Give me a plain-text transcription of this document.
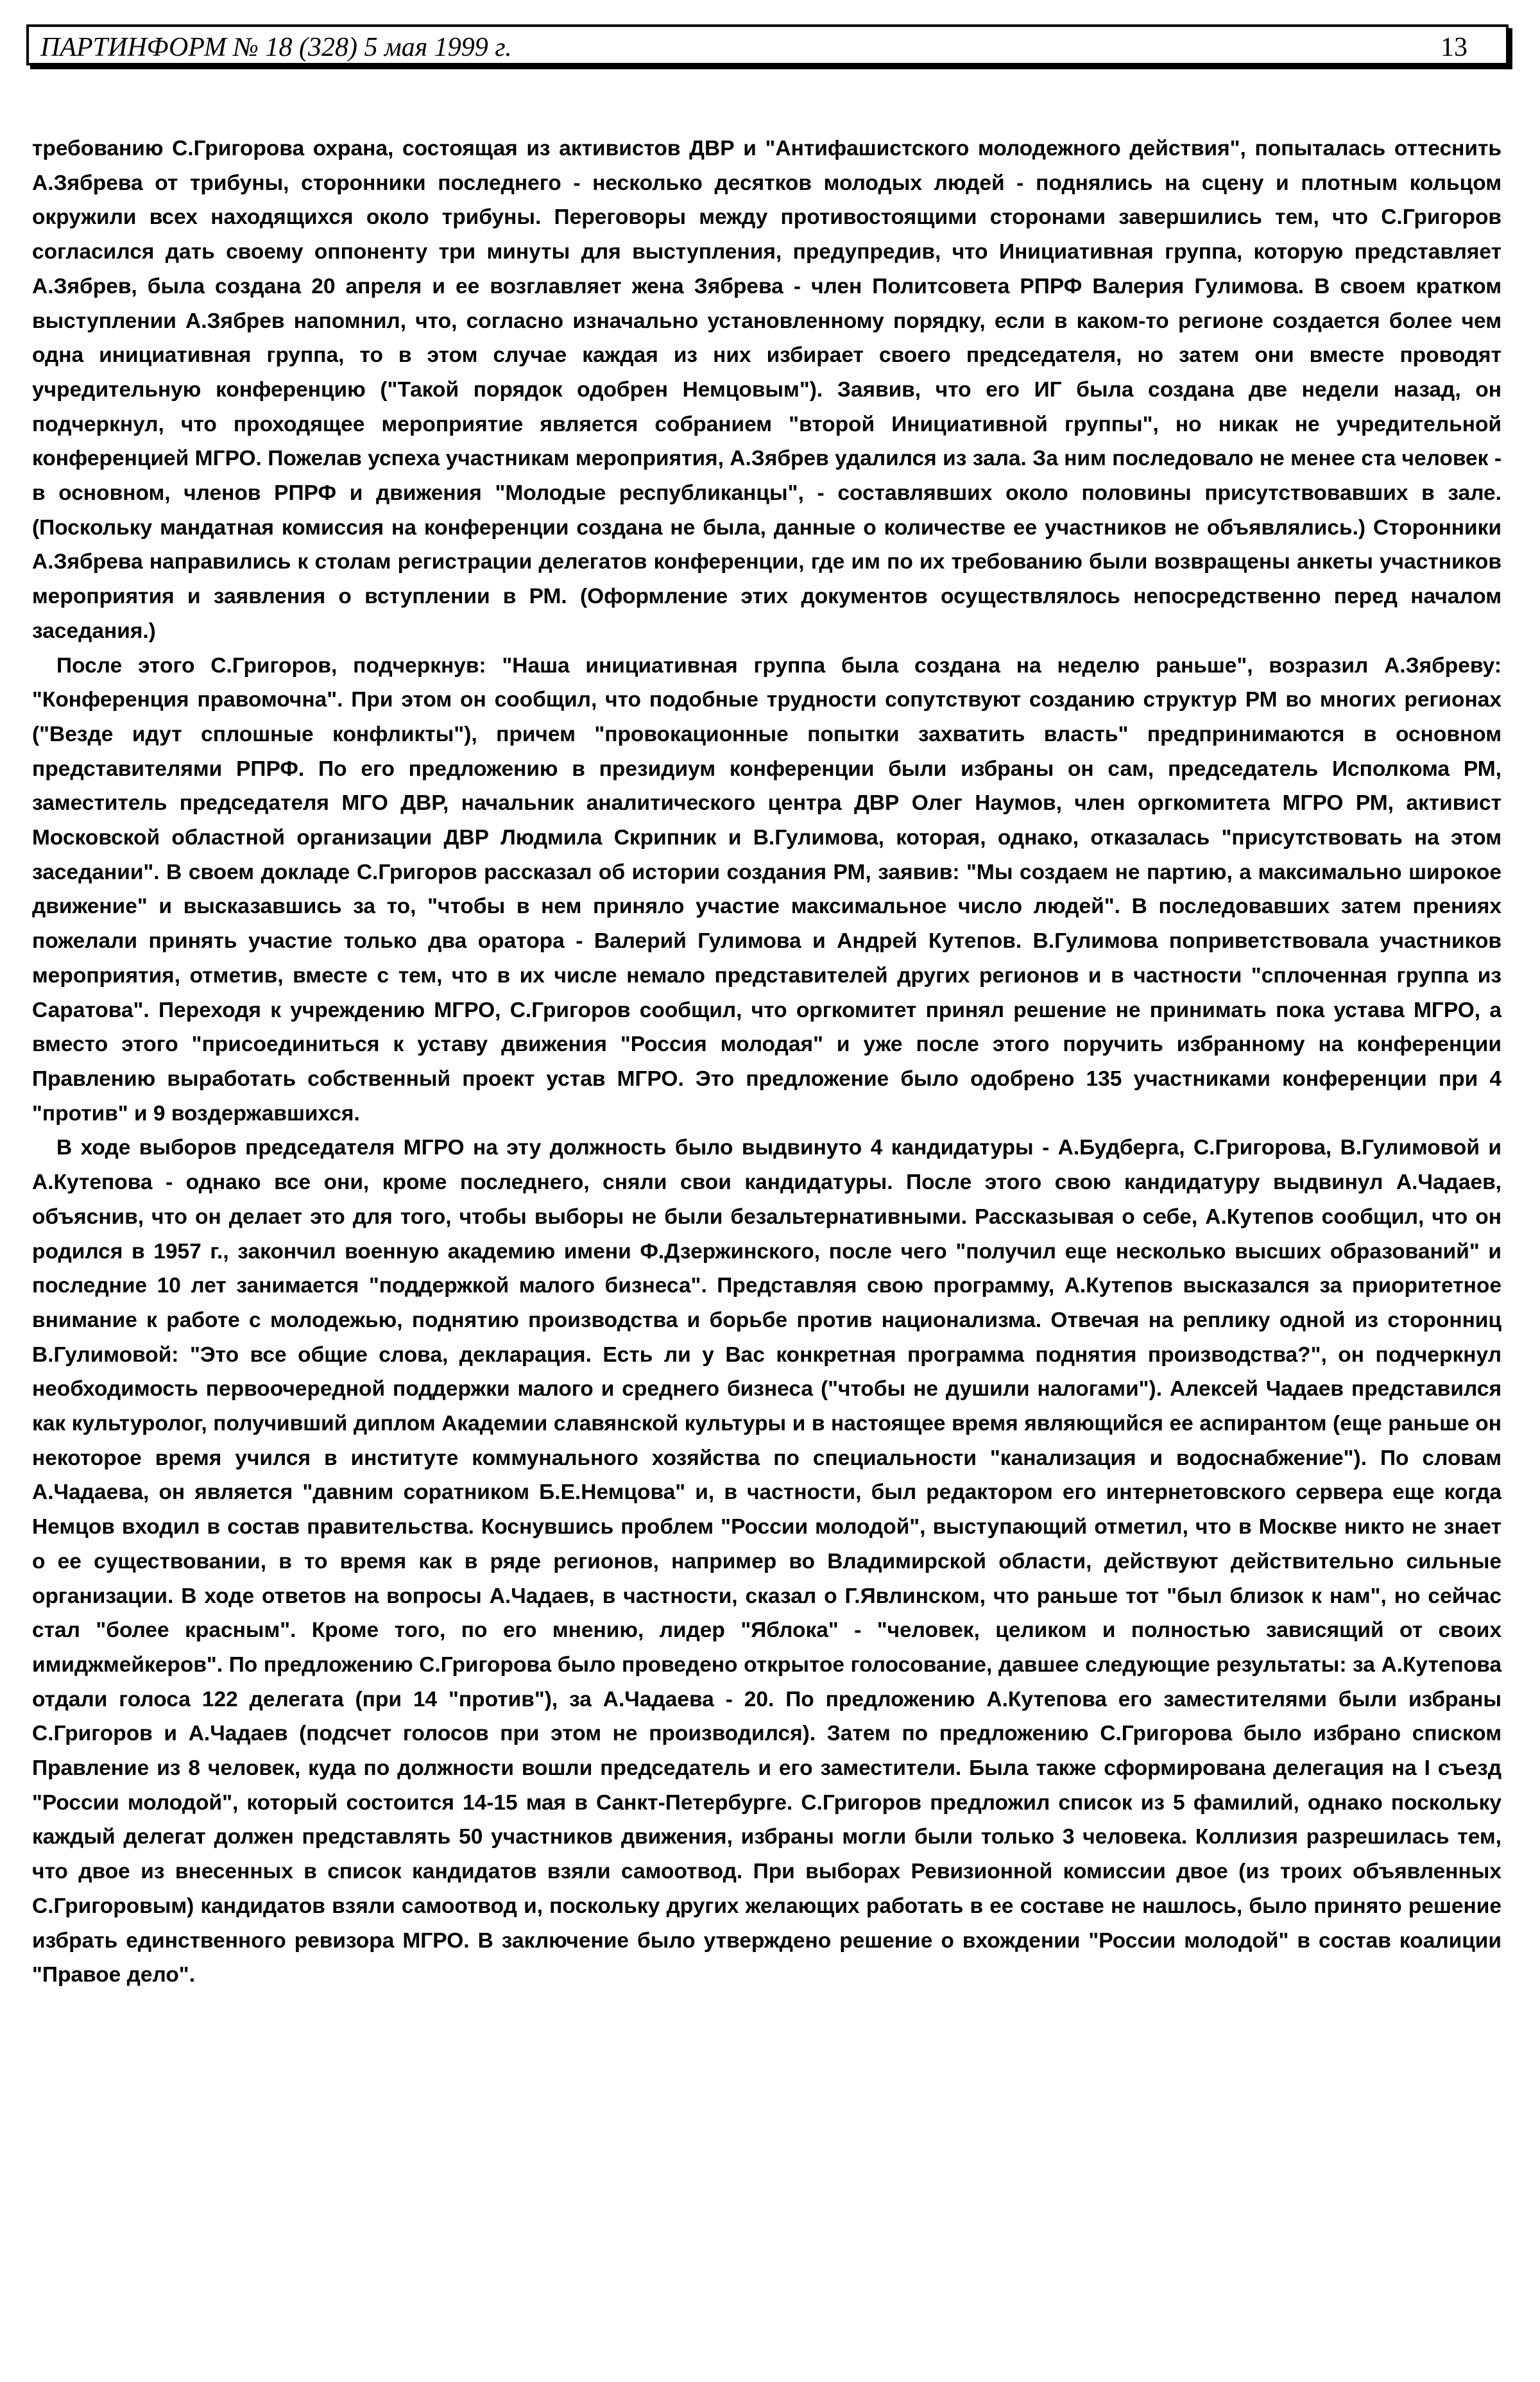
ПАРТИНФОРМ № 18 (328) 5 мая 1999 г.	13

требованию С.Григорова охрана, состоящая из активистов ДВР и "Антифашистского молодежного действия", попыталась оттеснить А.Зябрева от трибуны, сторонники последнего - несколько десятков молодых людей - поднялись на сцену и плотным кольцом окружили всех находящихся около трибуны. Переговоры между противостоящими сторонами завершились тем, что С.Григоров согласился дать своему оппоненту три минуты для выступления, предупредив, что Инициативная группа, которую представляет А.Зябрев, была создана 20 апреля и ее возглавляет жена Зябрева - член Политсовета РПРФ Валерия Гулимова. В своем кратком выступлении А.Зябрев напомнил, что, согласно изначально установленному порядку, если в каком-то регионе создается более чем одна инициативная группа, то в этом случае каждая из них избирает своего председателя, но затем они вместе проводят учредительную конференцию ("Такой порядок одобрен Немцовым"). Заявив, что его ИГ была создана две недели назад, он подчеркнул, что проходящее мероприятие является собранием "второй Инициативной группы", но никак не учредительной конференцией МГРО. Пожелав успеха участникам мероприятия, А.Зябрев удалился из зала. За ним последовало не менее ста человек - в основном, членов РПРФ и движения "Молодые республиканцы", - составлявших около половины присутствовавших в зале. (Поскольку мандатная комиссия на конференции создана не была, данные о количестве ее участников не объявлялись.) Сторонники А.Зябрева направились к столам регистрации делегатов конференции, где им по их требованию были возвращены анкеты участников мероприятия и заявления о вступлении в РМ. (Оформление этих документов осуществлялось непосредственно перед началом заседания.)

После этого С.Григоров, подчеркнув: "Наша инициативная группа была создана на неделю раньше", возразил А.Зябреву: "Конференция правомочна". При этом он сообщил, что подобные трудности сопутствуют созданию структур РМ во многих регионах ("Везде идут сплошные конфликты"), причем "провокационные попытки захватить власть" предпринимаются в основном представителями РПРФ. По его предложению в президиум конференции были избраны он сам, председатель Исполкома РМ, заместитель председателя МГО ДВР, начальник аналитического центра ДВР Олег Наумов, член оргкомитета МГРО РМ, активист Московской областной организации ДВР Людмила Скрипник и В.Гулимова, которая, однако, отказалась "присутствовать на этом заседании". В своем докладе С.Григоров рассказал об истории создания РМ, заявив: "Мы создаем не партию, а максимально широкое движение" и высказавшись за то, "чтобы в нем приняло участие максимальное число людей". В последовавших затем прениях пожелали принять участие только два оратора - Валерий Гулимова и Андрей Кутепов. В.Гулимова поприветствовала участников мероприятия, отметив, вместе с тем, что в их числе немало представителей других регионов и в частности "сплоченная группа из Саратова". Переходя к учреждению МГРО, С.Григоров сообщил, что оргкомитет принял решение не принимать пока устава МГРО, а вместо этого "присоединиться к уставу движения "Россия молодая" и уже после этого поручить избранному на конференции Правлению выработать собственный проект устав МГРО. Это предложение было одобрено 135 участниками конференции при 4 "против" и 9 воздержавшихся.

В ходе выборов председателя МГРО на эту должность было выдвинуто 4 кандидатуры - А.Будберга, С.Григорова, В.Гулимовой и А.Кутепова - однако все они, кроме последнего, сняли свои кандидатуры. После этого свою кандидатуру выдвинул А.Чадаев, объяснив, что он делает это для того, чтобы выборы не были безальтернативными. Рассказывая о себе, А.Кутепов сообщил, что он родился в 1957 г., закончил военную академию имени Ф.Дзержинского, после чего "получил еще несколько высших образований" и последние 10 лет занимается "поддержкой малого бизнеса". Представляя свою программу, А.Кутепов высказался за приоритетное внимание к работе с молодежью, поднятию производства и борьбе против национализма. Отвечая на реплику одной из сторонниц В.Гулимовой: "Это все общие слова, декларация. Есть ли у Вас конкретная программа поднятия производства?", он подчеркнул необходимость первоочередной поддержки малого и среднего бизнеса ("чтобы не душили налогами"). Алексей Чадаев представился как культуролог, получивший диплом Академии славянской культуры и в настоящее время являющийся ее аспирантом (еще раньше он некоторое время учился в институте коммунального хозяйства по специальности "канализация и водоснабжение"). По словам А.Чадаева, он является "давним соратником Б.Е.Немцова" и, в частности, был редактором его интернетовского сервера еще когда Немцов входил в состав правительства. Коснувшись проблем "России молодой", выступающий отметил, что в Москве никто не знает о ее существовании, в то время как в ряде регионов, например во Владимирской области, действуют действительно сильные организации. В ходе ответов на вопросы А.Чадаев, в частности, сказал о Г.Явлинском, что раньше тот "был близок к нам", но сейчас стал "более красным". Кроме того, по его мнению, лидер "Яблока" - "человек, целиком и полностью зависящий от своих имиджмейкеров". По предложению С.Григорова было проведено открытое голосование, давшее следующие результаты: за А.Кутепова отдали голоса 122 делегата (при 14 "против"), за А.Чадаева - 20. По предложению А.Кутепова его заместителями были избраны С.Григоров и А.Чадаев (подсчет голосов при этом не производился). Затем по предложению С.Григорова было избрано списком Правление из 8 человек, куда по должности вошли председатель и его заместители. Была также сформирована делегация на I съезд "России молодой", который состоится 14-15 мая в Санкт-Петербурге. С.Григоров предложил список из 5 фамилий, однако поскольку каждый делегат должен представлять 50 участников движения, избраны могли были только 3 человека. Коллизия разрешилась тем, что двое из внесенных в список кандидатов взяли самоотвод. При выборах Ревизионной комиссии двое (из троих объявленных С.Григоровым) кандидатов взяли самоотвод и, поскольку других желающих работать в ее составе не нашлось, было принято решение избрать единственного ревизора МГРО. В заключение было утверждено решение о вхождении "России молодой" в состав коалиции "Правое дело".
